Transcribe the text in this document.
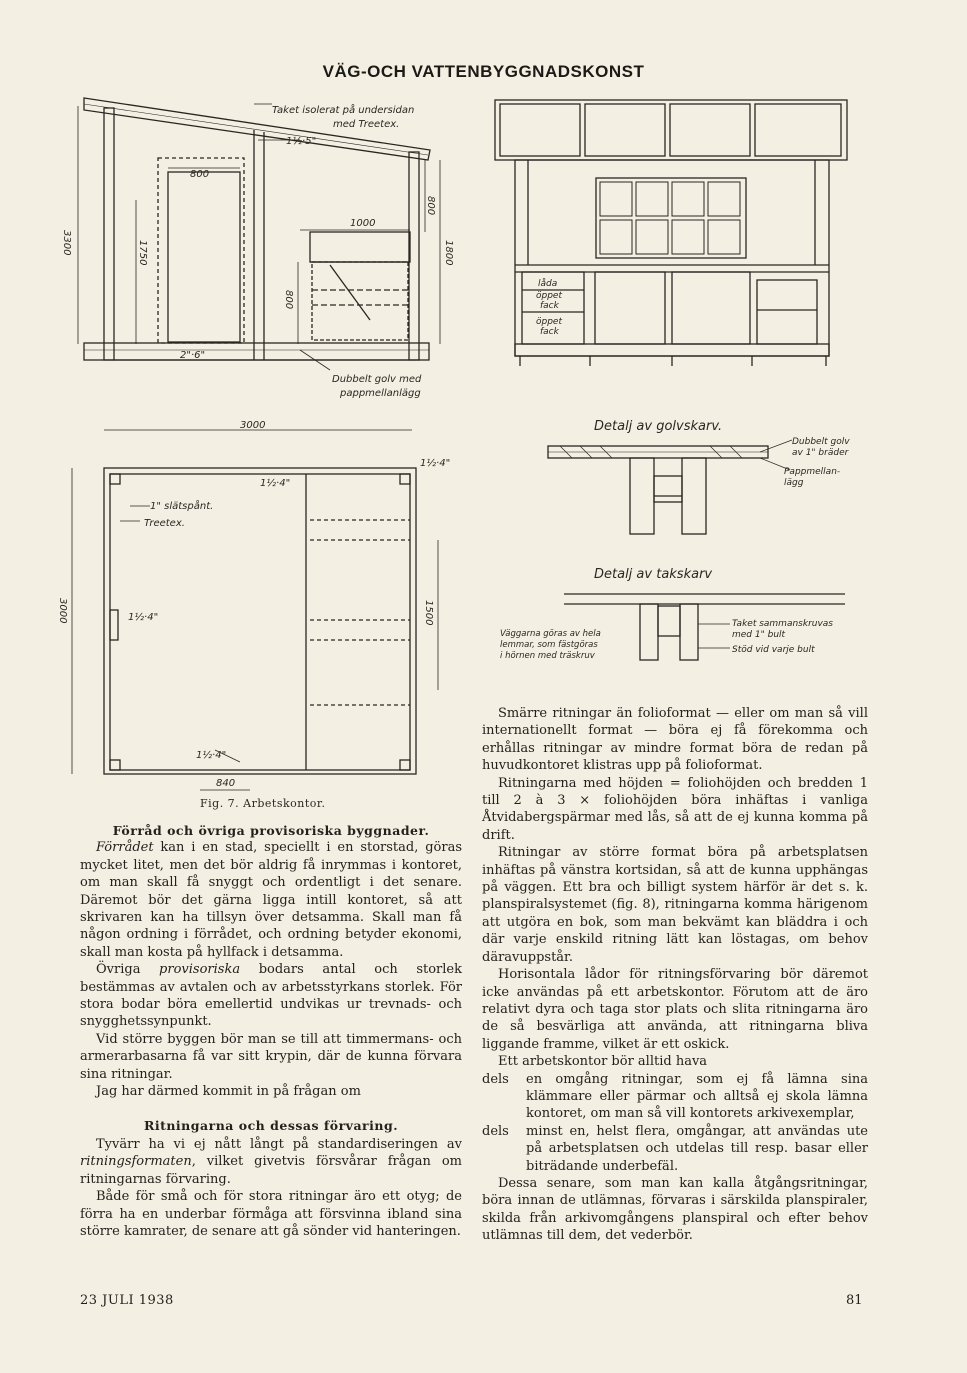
VÄG-OCH VATTENBYGGNADSKONST
Taket isolerat på undersidan
med Treetex.
1½·5"
800
3300	1750
1000
800
1800
800
2"·6"
Dubbelt golv med
pappmellanlägg
låda
öppet
fack
öppet
fack
3000
1½·4"
1½·4"
1" slätspånt.
Treetex.
3000	1½·4"	1500
1½·4"
840
Detalj av golvskarv.
Dubbelt golv
av 1" bräder
Pappmellan-
lägg
Detalj av takskarv
Väggarna göras av hela
lemmar, som fästgöras
i hörnen med träskruv
Taket sammanskruvas
med 1" bult
Stöd vid varje bult
Fig. 7. Arbetskontor.

Förråd och övriga provisoriska byggnader.

Förrådet kan i en stad, speciellt i en storstad, göras mycket litet, men det bör aldrig få inrymmas i kontoret, om man skall få snyggt och ordentligt i det senare. Däremot bör det gärna ligga intill kontoret, så att skrivaren kan ha tillsyn över detsamma. Skall man få någon ordning i förrådet, och ordning betyder ekonomi, skall man kosta på hyllfack i detsamma.

Övriga provisoriska bodars antal och storlek bestämmas av avtalen och av arbetsstyrkans storlek. För stora bodar böra emellertid undvikas ur trevnads- och snygghetssynpunkt.

Vid större byggen bör man se till att timmermans- och armerarbasarna få var sitt krypin, där de kunna förvara sina ritningar.

Jag har därmed kommit in på frågan om

Ritningarna och dessas förvaring.

Tyvärr ha vi ej nått långt på standardiseringen av ritningsformaten, vilket givetvis försvårar frågan om ritningarnas förvaring.

Både för små och för stora ritningar äro ett otyg; de förra ha en underbar förmåga att försvinna ibland sina större kamrater, de senare att gå sönder vid hanteringen.

Smärre ritningar än folioformat — eller om man så vill internationellt format — böra ej få förekomma och erhållas ritningar av mindre format böra de redan på huvudkontoret klistras upp på folioformat.

Ritningarna med höjden = foliohöjden och bredden 1 till 2 à 3 × foliohöjden böra inhäftas i vanliga Åtvidabergspärmar med lås, så att de ej kunna komma på drift.

Ritningar av större format böra på arbetsplatsen inhäftas på vänstra kortsidan, så att de kunna upphängas på väggen. Ett bra och billigt system härför är det s. k. planspiralsystemet (fig. 8), ritningarna komma härigenom att utgöra en bok, som man bekvämt kan bläddra i och där varje enskild ritning lätt kan löstagas, om behov däravuppstår.

Horisontala lådor för ritningsförvaring bör däremot icke användas på ett arbetskontor. Förutom att de äro relativt dyra och taga stor plats och slita ritningarna äro de så besvärliga att använda, att ritningarna bliva liggande framme, vilket är ett oskick.

Ett arbetskontor bör alltid hava

dels	en omgång ritningar, som ej få lämna sina klämmare eller pärmar och alltså ej skola lämna kontoret, om man så vill kontorets arkivexemplar,
dels	minst en, helst flera, omgångar, att användas ute på arbetsplatsen och utdelas till resp. basar eller biträdande underbefäl.

Dessa senare, som man kan kalla åtgångsritningar, böra innan de utlämnas, förvaras i särskilda planspiraler, skilda från arkivomgångens planspiral och efter behov utlämnas till dem, det vederbör.

23 JULI 1938	81
